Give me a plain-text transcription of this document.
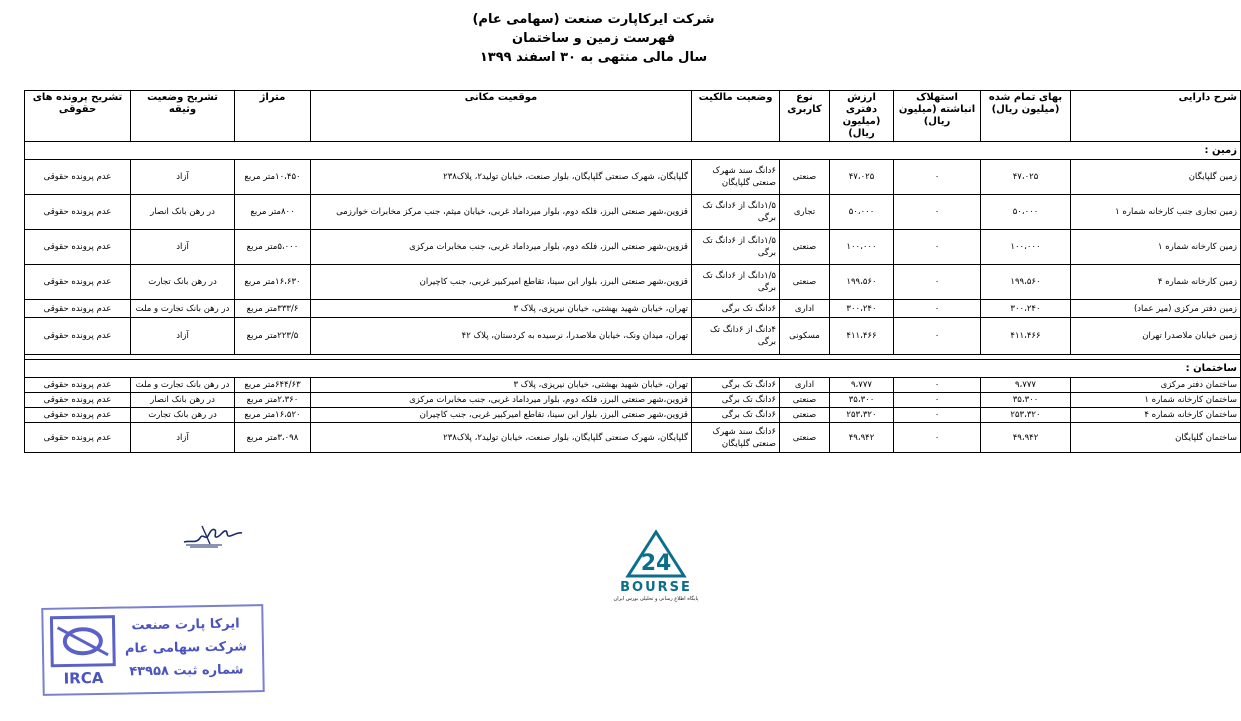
شرکت ایرکاپارت صنعت (سهامی عام)
فهرست زمین و ساختمان
سال مالی منتهی به ۳۰ اسفند ۱۳۹۹
شرح دارایی	بهای تمام شده (میلیون ریال)	استهلاک انباشته (میلیون ریال)	ارزش دفتری (میلیون ریال)	نوع کاربری	وضعیت مالکیت	موقعیت مکانی	متراژ	تشریح وضعیت وثیقه	تشریح پرونده های حقوقی
زمین :									
زمین گلپایگان	۴۷،۰۲۵	۰	۴۷،۰۲۵	صنعتی	۶دانگ سند شهرک صنعتی گلپایگان	گلپایگان، شهرک صنعتی گلپایگان، بلوار صنعت، خیابان تولید۲، پلاک۲۳۸	۱۰،۴۵۰متر مربع	آزاد	عدم پرونده حقوقی
زمین تجاری جنب کارخانه شماره ۱	۵۰،۰۰۰	۰	۵۰،۰۰۰	تجاری	۱/۵دانگ از ۶دانگ تک برگی	قزوین،شهر صنعتی البرز، فلکه دوم، بلوار میرداماد غربی، خیابان میثم، جنب مرکز مخابرات خوارزمی	۸۰۰متر مربع	در رهن بانک انصار	عدم پرونده حقوقی
زمین کارخانه شماره ۱	۱۰۰،۰۰۰	۰	۱۰۰،۰۰۰	صنعتی	۱/۵دانگ از ۶دانگ تک برگی	قزوین،شهر صنعتی البرز، فلکه دوم، بلوار میرداماد غربی، جنب مخابرات مرکزی	۵،۰۰۰متر مربع	آزاد	عدم پرونده حقوقی
زمین کارخانه شماره ۴	۱۹۹،۵۶۰	۰	۱۹۹،۵۶۰	صنعتی	۱/۵دانگ از ۶دانگ تک برگی	قزوین،شهر صنعتی البرز، بلوار ابن سینا، تقاطع امیرکبیر غربی، جنب کاچیران	۱۶،۶۳۰متر مربع	در رهن بانک تجارت	عدم پرونده حقوقی
زمین دفتر مرکزی (میر عماد)	۳۰۰،۲۴۰	۰	۳۰۰،۲۴۰	اداری	۶دانگ تک برگی	تهران، خیابان شهید بهشتی، خیابان نیریزی، پلاک ۳	۳۳۳/۶متر مربع	در رهن بانک تجارت و ملت	عدم پرونده حقوقی
زمین خیابان ملاصدرا تهران	۴۱۱،۴۶۶	۰	۴۱۱،۴۶۶	مسکونی	۴دانگ از ۶دانگ تک برگی	تهران، میدان ونک، خیابان ملاصدرا، نرسیده به کردستان، پلاک ۴۲	۲۲۳/۵متر مربع	آزاد	عدم پرونده حقوقی

ساختمان :									
ساختمان دفتر مرکزی	۹،۷۷۷	۰	۹،۷۷۷	اداری	۶دانگ تک برگی	تهران، خیابان شهید بهشتی، خیابان نیریزی، پلاک ۳	۶۴۴/۶۳متر مربع	در رهن بانک تجارت و ملت	عدم پرونده حقوقی
ساختمان کارخانه شماره ۱	۳۵،۳۰۰	۰	۳۵،۳۰۰	صنعتی	۶دانگ تک برگی	قزوین،شهر صنعتی البرز، فلکه دوم، بلوار میرداماد غربی، جنب مخابرات مرکزی	۲،۳۶۰متر مربع	در رهن بانک انصار	عدم پرونده حقوقی
ساختمان کارخانه شماره ۴	۲۵۳،۳۲۰	۰	۲۵۳،۳۲۰	صنعتی	۶دانگ تک برگی	قزوین،شهر صنعتی البرز، بلوار ابن سینا، تقاطع امیرکبیر غربی، جنب کاچیران	۱۶،۵۲۰متر مربع	در رهن بانک تجارت	عدم پرونده حقوقی
ساختمان گلپایگان	۴۹،۹۴۲	۰	۴۹،۹۴۲	صنعتی	۶دانگ سند شهرک صنعتی گلپایگان	گلپایگان، شهرک صنعتی گلپایگان، بلوار صنعت، خیابان تولید۲، پلاک۲۳۸	۳،۰۹۸متر مربع	آزاد	عدم پرونده حقوقی
IRCA
ایرکا پارت صنعت
شرکت سهامی عام
شماره ثبت ۴۳۹۵۸
24
BOURSE
پایگاه اطلاع رسانی و تحلیلی بورس ایران
